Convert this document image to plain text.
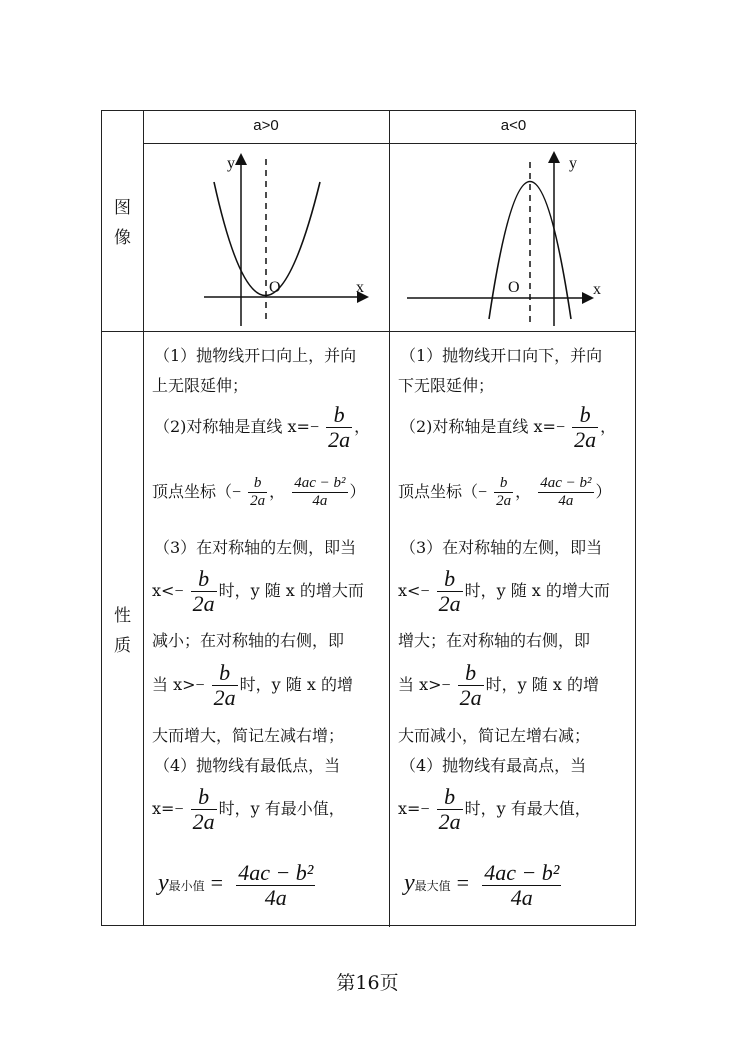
图
像
性
质
a>0	a<0
y
x
O
y
x
O
（1）抛物线开口向上，并向
上无限延伸；
（2)对称轴是直线 $x=- \frac{b}{2a}$ ，
顶点坐标（− $\frac{b}{2a}$ ， $\frac{\text{4ac − b²}}{4a}$ ）
（3）在对称轴的左侧，即当
$x<- \frac{b}{2a}$ 时，y 随 x 的增大而
减小；在对称轴的右侧，即
当 $x>- \frac{b}{2a}$ 时，y 随 x 的增
大而增大，简记左减右增；
（4）抛物线有最低点，当
$x=- \frac{b}{2a}$ 时，y 有最小值，
y最小值 = $\frac{\text{4ac − b²}}{4a}$
（1）抛物线开口向下，并向
下无限延伸；
（2)对称轴是直线 $x=- \frac{b}{2a}$ ，
顶点坐标（− $\frac{b}{2a}$ ， $\frac{\text{4ac − b²}}{4a}$ ）
（3）在对称轴的左侧，即当
$x<- \frac{b}{2a}$ 时，y 随 x 的增大而
增大；在对称轴的右侧，即
当 $x>- \frac{b}{2a}$ 时，y 随 x 的增
大而减小，简记左增右减；
（4）抛物线有最高点，当
$x=- \frac{b}{2a}$ 时，y 有最大值，
y最大值 = $\frac{\text{4ac − b²}}{4a}$
第16页
